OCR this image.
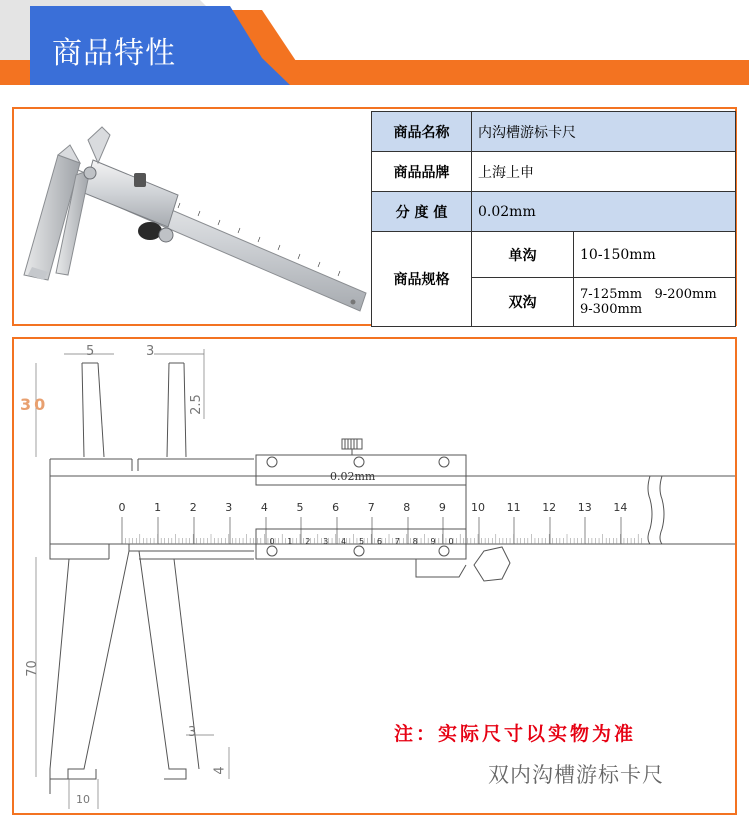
商品特性
商品名称	内沟槽游标卡尺	
商品品牌	上海上申	
分 度 值	0.02mm	
商品规格	单沟	10-150mm
	双沟	7-125mm   9-200mm
9-300mm
5	3
2.5
30
70
10
3
4
0.02mm
0	1	2	3	4	5	6	7	8	9	10 11 12 13 14
0	1	2	3	4	5	6	7	8	9	0
注：实际尺寸以实物为准
双内沟槽游标卡尺
